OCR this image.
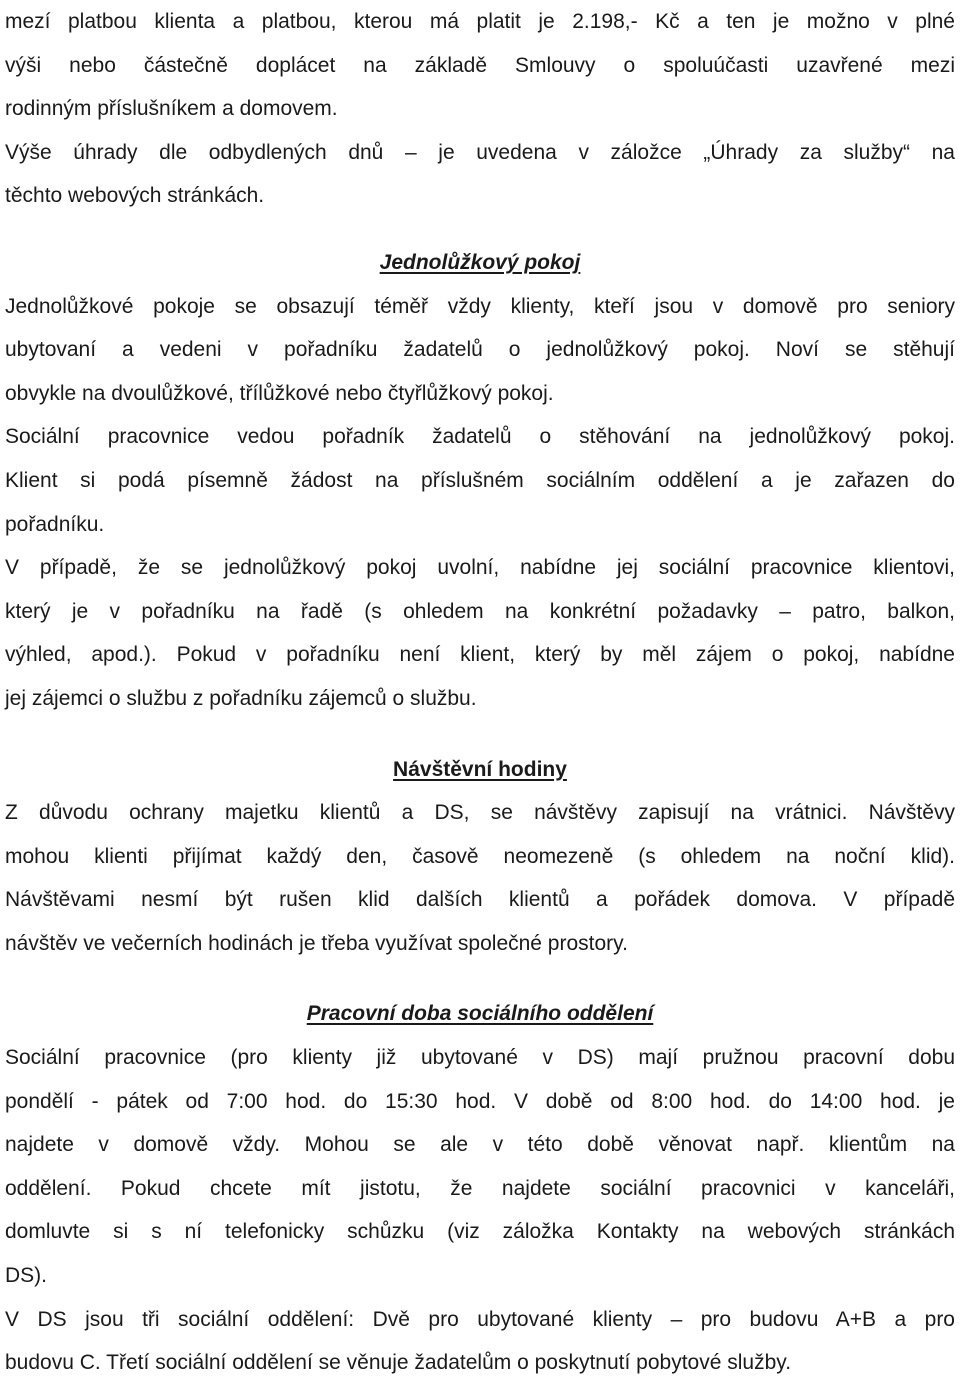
mezí platbou klienta a platbou, kterou má platit je 2.198,- Kč a ten je možno v plné
výši nebo částečně doplácet na základě Smlouvy o spoluúčasti uzavřené mezi
rodinným příslušníkem a domovem.
Výše úhrady dle odbydlených dnů – je uvedena v záložce „Úhrady za služby“ na
těchto webových stránkách.
Jednolůžkový pokoj
Jednolůžkové pokoje se obsazují téměř vždy klienty, kteří jsou v domově pro seniory
ubytovaní a vedeni v pořadníku žadatelů o jednolůžkový pokoj. Noví se stěhují
obvykle na dvoulůžkové, třílůžkové nebo čtyřlůžkový pokoj.
Sociální pracovnice vedou pořadník žadatelů o stěhování na jednolůžkový pokoj.
Klient si podá písemně žádost na příslušném sociálním oddělení a je zařazen do
pořadníku.
V případě, že se jednolůžkový pokoj uvolní, nabídne jej sociální pracovnice klientovi,
který je v pořadníku na řadě (s ohledem na konkrétní požadavky – patro, balkon,
výhled, apod.). Pokud v pořadníku není klient, který by měl zájem o pokoj, nabídne
jej zájemci o službu z pořadníku zájemců o službu.
Návštěvní hodiny
Z důvodu ochrany majetku klientů a DS, se návštěvy zapisují na vrátnici. Návštěvy
mohou klienti přijímat každý den, časově neomezeně (s ohledem na noční klid).
Návštěvami nesmí být rušen klid dalších klientů a pořádek domova. V případě
návštěv ve večerních hodinách je třeba využívat společné prostory.
Pracovní doba sociálního oddělení
Sociální pracovnice (pro klienty již ubytované v DS) mají pružnou pracovní dobu
pondělí - pátek od 7:00 hod. do 15:30 hod. V době od 8:00 hod. do 14:00 hod. je
najdete v domově vždy. Mohou se ale v této době věnovat např. klientům na
oddělení. Pokud chcete mít jistotu, že najdete sociální pracovnici v kanceláři,
domluvte si s ní telefonicky schůzku (viz záložka Kontakty na webových stránkách
DS).
V DS jsou tři sociální oddělení: Dvě pro ubytované klienty – pro budovu A+B a pro
budovu C. Třetí sociální oddělení se věnuje žadatelům o poskytnutí pobytové služby.
